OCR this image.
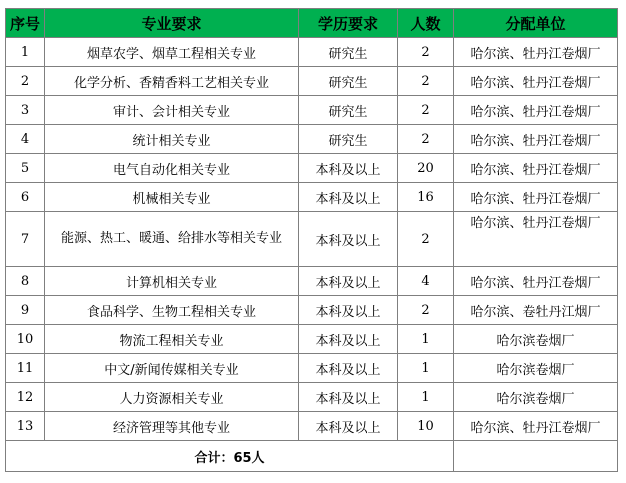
序号	专业要求	学历要求	人数	分配单位
1	烟草农学、烟草工程相关专业	研究生	2	哈尔滨、牡丹江卷烟厂
2	化学分析、香精香料工艺相关专业	研究生	2	哈尔滨、牡丹江卷烟厂
3	审计、会计相关专业	研究生	2	哈尔滨、牡丹江卷烟厂
4	统计相关专业	研究生	2	哈尔滨、牡丹江卷烟厂
5	电气自动化相关专业	本科及以上	20	哈尔滨、牡丹江卷烟厂
6	机械相关专业	本科及以上	16	哈尔滨、牡丹江卷烟厂
7	能源、热工、暖通、给排水等相关专业	本科及以上	2	哈尔滨、牡丹江卷烟厂
8	计算机相关专业	本科及以上	4	哈尔滨、牡丹江卷烟厂
9	食品科学、生物工程相关专业	本科及以上	2	哈尔滨、卷牡丹江烟厂
10	物流工程相关专业	本科及以上	1	哈尔滨卷烟厂
11	中文/新闻传媒相关专业	本科及以上	1	哈尔滨卷烟厂
12	人力资源相关专业	本科及以上	1	哈尔滨卷烟厂
13	经济管理等其他专业	本科及以上	10	哈尔滨、牡丹江卷烟厂
合计：65人				
